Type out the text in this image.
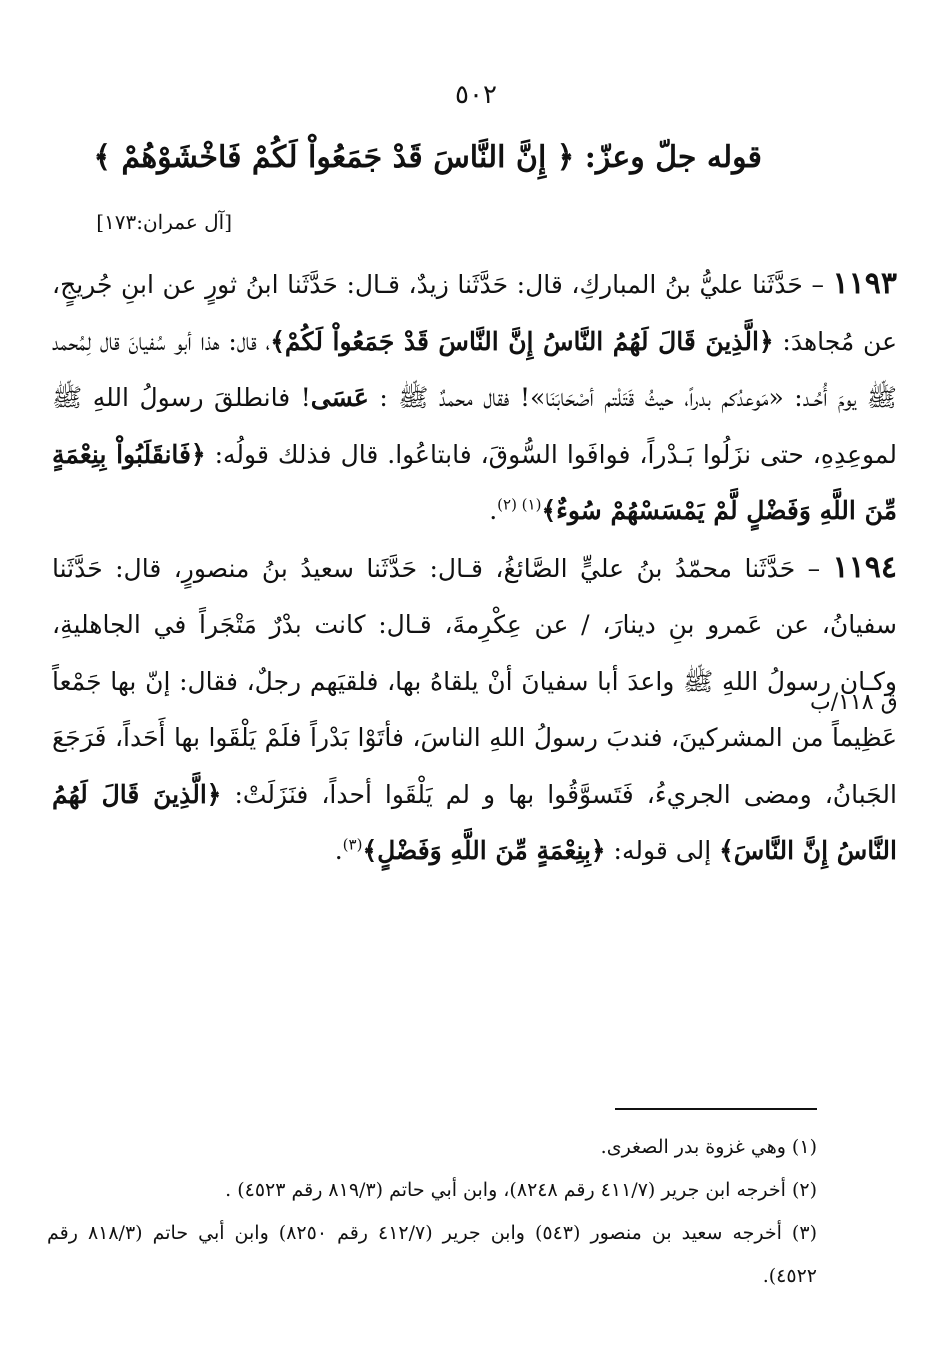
٥٠٢
قوله جلّ وعزّ: ﴿ إِنَّ النَّاسَ قَدْ جَمَعُواْ لَكُمْ فَاخْشَوْهُمْ ﴾
[آل عمران:١٧٣]

١١٩٣ – حَدَّثَنا عليُّ بنُ المباركِ، قال: حَدَّثَنا زيدٌ، قـال: حَدَّثَنا ابنُ ثورٍ عن ابنِ جُريجٍ، عن مُجاهدَ: ﴿الَّذِينَ قَالَ لَهُمُ النَّاسُ إِنَّ النَّاسَ قَدْ جَمَعُواْ لَكُمْ﴾، قال: هذا أبو سُفيانَ قال لِمُحمد ﷺ يومَ أُحُـد: «مَوعدُكم بدراً، حيثُ قَتَلْتم أصْحَابَنَا»! فقال محمدٌ ﷺ : عَسَى! فانطلقَ رسولُ اللهِ ﷺ لموعِدِهِ، حتى نزَلُوا بَـدْراً، فوافَوا السُّوقَ، فابتاعُوا. قال فذلك قولُه: ﴿فَانقَلَبُواْ بِنِعْمَةٍ مِّنَ اللَّهِ وَفَضْلٍ لَّمْ يَمْسَسْهُمْ سُوءٌ﴾$^{(١) (٢)}$.

١١٩٤ – حَدَّثَنا محمّدُ بنُ عليٍّ الصَّائغُ، قـال: حَدَّثَنا سعيدُ بنُ منصورٍ، قال: حَدَّثَنا سفيانُ، عن عَمرو بنِ دينارَ، / عن عِكْرِمةَ، قـال: كانت بدْرٌ مَتْجَراً في الجاهليةِ، وكـان رسولُ اللهِ ﷺ واعدَ أبا سفيانَ أنْ يلقاهُ بها، فلقيَهم رجلٌ، فقال: إنّ بها جَمْعاً عَظِيماً من المشركينَ، فندبَ رسولُ اللهِ الناسَ، فأتَوْا بَدْراً فلَمْ يَلْقَوا بها أَحَداً، فَرَجَعَ الجَبانُ، ومضى الجريءُ، فَتَسوَّقُوا بها و لم يَلْقَوا أحداً، فنَزَلَتْ: ﴿الَّذِينَ قَالَ لَهُمُ النَّاسُ إِنَّ النَّاسَ﴾ إلى قوله: ﴿بِنِعْمَةٍ مِّنَ اللَّهِ وَفَضْلٍ﴾$^{(٣)}$.

ق ١١٨/ب

(١) وهي غزوة بدر الصغرى.

(٢) أخرجه ابن جرير (٤١١/٧ رقم ٨٢٤٨)، وابن أبي حاتم (٨١٩/٣ رقم ٤٥٢٣) .

(٣) أخرجه سعيد بن منصور (٥٤٣) وابن جرير (٤١٢/٧ رقم ٨٢٥٠) وابن أبي حاتم (٨١٨/٣ رقم ٤٥٢٢).
